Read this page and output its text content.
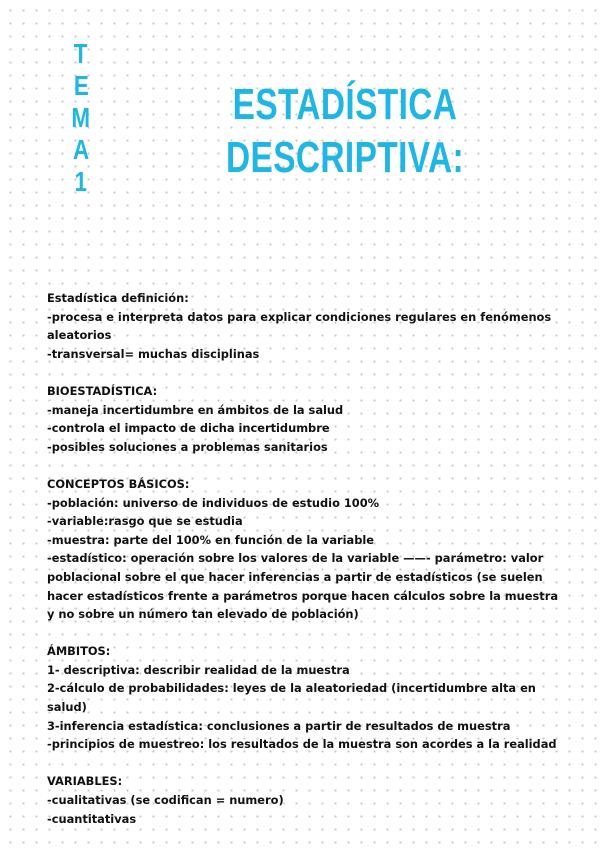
T
E
M
A
1
ESTADÍSTICA
DESCRIPTIVA:
Estadística definición:
-procesa e interpreta datos para explicar condiciones regulares en fenómenos
aleatorios
-transversal= muchas disciplinas
BIOESTADÍSTICA:
-maneja incertidumbre en ámbitos de la salud
-controla el impacto de dicha incertidumbre
-posibles soluciones a problemas sanitarios
CONCEPTOS BÁSICOS:
-población: universo de individuos de estudio 100%
-variable:rasgo que se estudia
-muestra: parte del 100% en función de la variable
-estadístico: operación sobre los valores de la variable ——- parámetro: valor
poblacional sobre el que hacer inferencias a partir de estadísticos (se suelen
hacer estadísticos frente a parámetros porque hacen cálculos sobre la muestra
y no sobre un número tan elevado de población)
ÁMBITOS:
1- descriptiva: describir realidad de la muestra
2-cálculo de probabilidades: leyes de la aleatoriedad (incertidumbre alta en
salud)
3-inferencia estadística: conclusiones a partir de resultados de muestra
-principios de muestreo: los resultados de la muestra son acordes a la realidad
VARIABLES:
-cualitativas (se codifican = numero)
-cuantitativas
